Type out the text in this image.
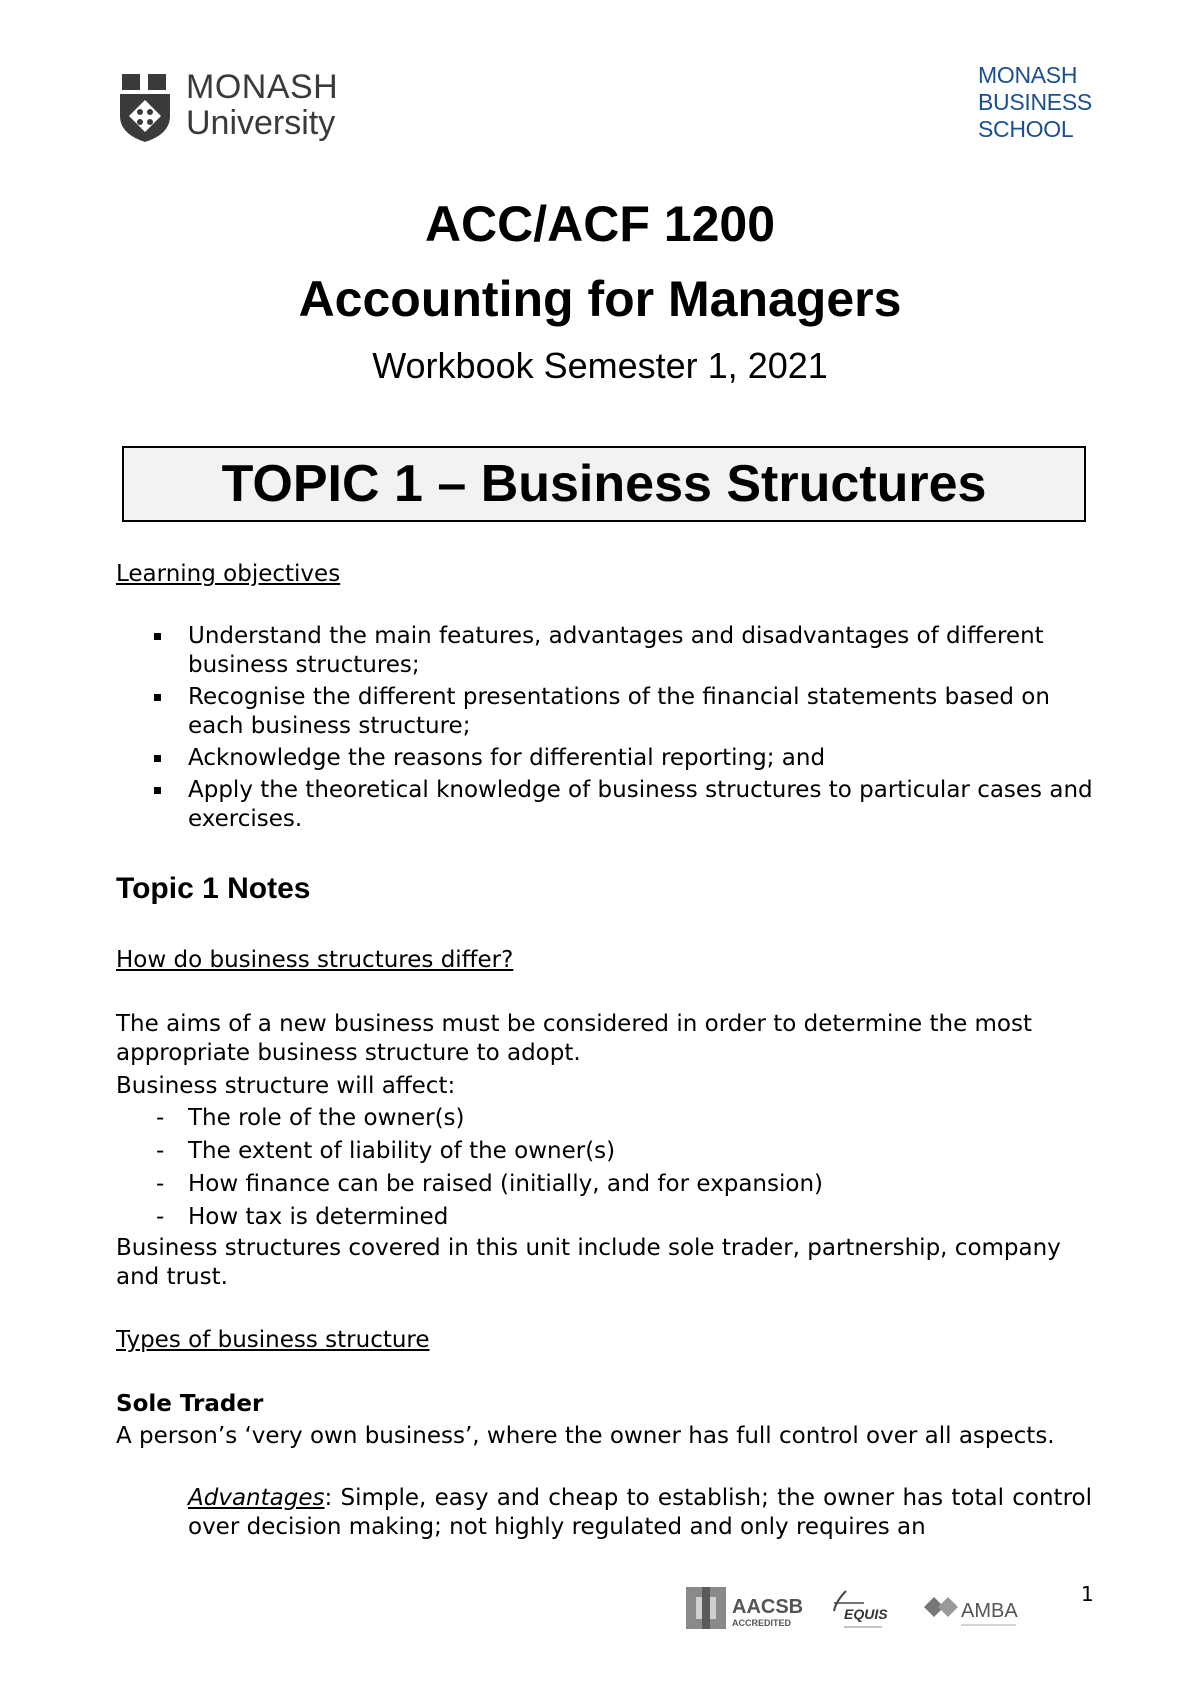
MONASH
University
MONASH
BUSINESS
SCHOOL
ACC/ACF 1200
Accounting for Managers
Workbook Semester 1, 2021
TOPIC 1 – Business Structures
Learning objectives
Understand the main features, advantages and disadvantages of different business structures;
Recognise the different presentations of the financial statements based on each business structure;
Acknowledge the reasons for differential reporting; and
Apply the theoretical knowledge of business structures to particular cases and exercises.
Topic 1 Notes
How do business structures differ?
The aims of a new business must be considered in order to determine the most appropriate business structure to adopt.
Business structure will affect:
- The role of the owner(s)
- The extent of liability of the owner(s)
- How finance can be raised (initially, and for expansion)
- How tax is determined
Business structures covered in this unit include sole trader, partnership, company and trust.
Types of business structure
Sole Trader
A person’s ‘very own business’, where the owner has full control over all aspects.
Advantages: Simple, easy and cheap to establish; the owner has total control over decision making; not highly regulated and only requires an
AACSB
ACCREDITED
EQUIS	AMBA
1
